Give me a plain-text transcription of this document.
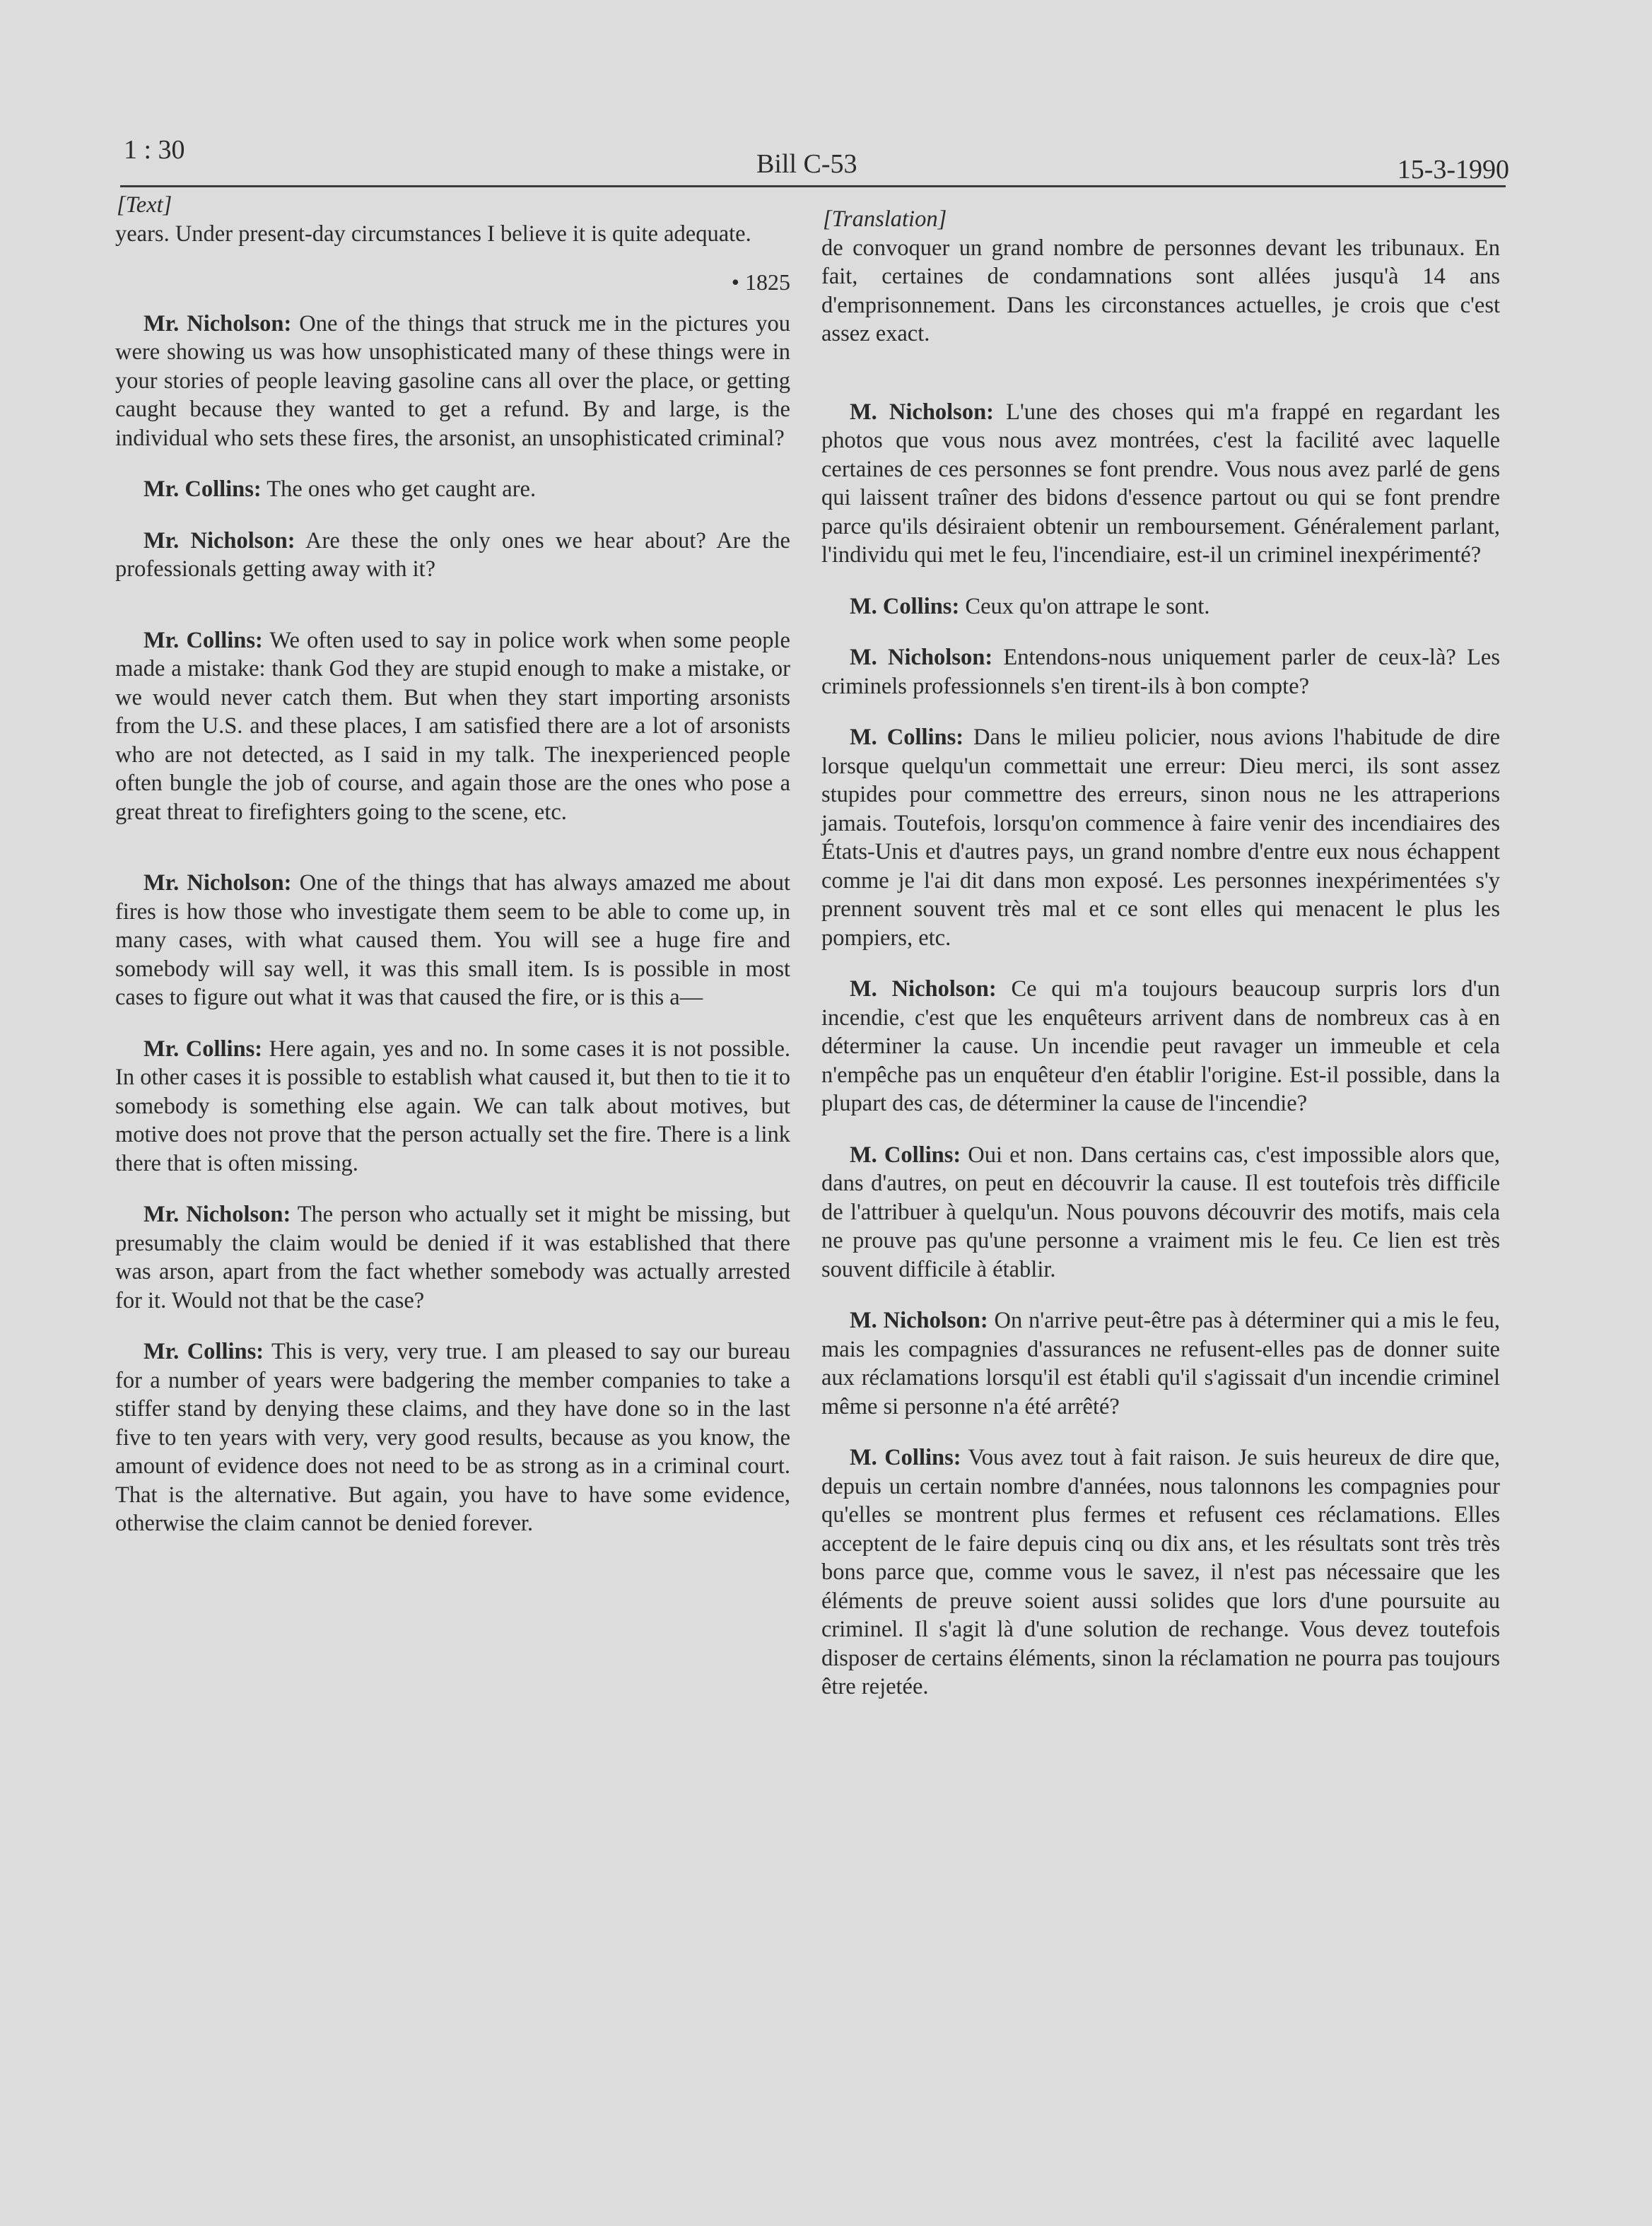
1 : 30	Bill C-53	15-3-1990
[Text]

years. Under present-day circumstances I believe it is quite adequate.

• 1825

Mr. Nicholson: One of the things that struck me in the pictures you were showing us was how unsophisticated many of these things were in your stories of people leaving gasoline cans all over the place, or getting caught because they wanted to get a refund. By and large, is the individual who sets these fires, the arsonist, an unsophisticated criminal?

Mr. Collins: The ones who get caught are.

Mr. Nicholson: Are these the only ones we hear about? Are the professionals getting away with it?

Mr. Collins: We often used to say in police work when some people made a mistake: thank God they are stupid enough to make a mistake, or we would never catch them. But when they start importing arsonists from the U.S. and these places, I am satisfied there are a lot of arsonists who are not detected, as I said in my talk. The inexperienced people often bungle the job of course, and again those are the ones who pose a great threat to firefighters going to the scene, etc.

Mr. Nicholson: One of the things that has always amazed me about fires is how those who investigate them seem to be able to come up, in many cases, with what caused them. You will see a huge fire and somebody will say well, it was this small item. Is is possible in most cases to figure out what it was that caused the fire, or is this a—

Mr. Collins: Here again, yes and no. In some cases it is not possible. In other cases it is possible to establish what caused it, but then to tie it to somebody is something else again. We can talk about motives, but motive does not prove that the person actually set the fire. There is a link there that is often missing.

Mr. Nicholson: The person who actually set it might be missing, but presumably the claim would be denied if it was established that there was arson, apart from the fact whether somebody was actually arrested for it. Would not that be the case?

Mr. Collins: This is very, very true. I am pleased to say our bureau for a number of years were badgering the member companies to take a stiffer stand by denying these claims, and they have done so in the last five to ten years with very, very good results, because as you know, the amount of evidence does not need to be as strong as in a criminal court. That is the alternative. But again, you have to have some evidence, otherwise the claim cannot be denied forever.

[Translation]

de convoquer un grand nombre de personnes devant les tribunaux. En fait, certaines de condamnations sont allées jusqu'à 14 ans d'emprisonnement. Dans les circonstances actuelles, je crois que c'est assez exact.

M. Nicholson: L'une des choses qui m'a frappé en regardant les photos que vous nous avez montrées, c'est la facilité avec laquelle certaines de ces personnes se font prendre. Vous nous avez parlé de gens qui laissent traîner des bidons d'essence partout ou qui se font prendre parce qu'ils désiraient obtenir un remboursement. Généralement parlant, l'individu qui met le feu, l'incendiaire, est-il un criminel inexpérimenté?

M. Collins: Ceux qu'on attrape le sont.

M. Nicholson: Entendons-nous uniquement parler de ceux-là? Les criminels professionnels s'en tirent-ils à bon compte?

M. Collins: Dans le milieu policier, nous avions l'habitude de dire lorsque quelqu'un commettait une erreur: Dieu merci, ils sont assez stupides pour commettre des erreurs, sinon nous ne les attraperions jamais. Toutefois, lorsqu'on commence à faire venir des incendiaires des États-Unis et d'autres pays, un grand nombre d'entre eux nous échappent comme je l'ai dit dans mon exposé. Les personnes inexpérimentées s'y prennent souvent très mal et ce sont elles qui menacent le plus les pompiers, etc.

M. Nicholson: Ce qui m'a toujours beaucoup surpris lors d'un incendie, c'est que les enquêteurs arrivent dans de nombreux cas à en déterminer la cause. Un incendie peut ravager un immeuble et cela n'empêche pas un enquêteur d'en établir l'origine. Est-il possible, dans la plupart des cas, de déterminer la cause de l'incendie?

M. Collins: Oui et non. Dans certains cas, c'est impossible alors que, dans d'autres, on peut en découvrir la cause. Il est toutefois très difficile de l'attribuer à quelqu'un. Nous pouvons découvrir des motifs, mais cela ne prouve pas qu'une personne a vraiment mis le feu. Ce lien est très souvent difficile à établir.

M. Nicholson: On n'arrive peut-être pas à déterminer qui a mis le feu, mais les compagnies d'assurances ne refusent-elles pas de donner suite aux réclamations lorsqu'il est établi qu'il s'agissait d'un incendie criminel même si personne n'a été arrêté?

M. Collins: Vous avez tout à fait raison. Je suis heureux de dire que, depuis un certain nombre d'années, nous talonnons les compagnies pour qu'elles se montrent plus fermes et refusent ces réclamations. Elles acceptent de le faire depuis cinq ou dix ans, et les résultats sont très très bons parce que, comme vous le savez, il n'est pas nécessaire que les éléments de preuve soient aussi solides que lors d'une poursuite au criminel. Il s'agit là d'une solution de rechange. Vous devez toutefois disposer de certains éléments, sinon la réclamation ne pourra pas toujours être rejetée.
